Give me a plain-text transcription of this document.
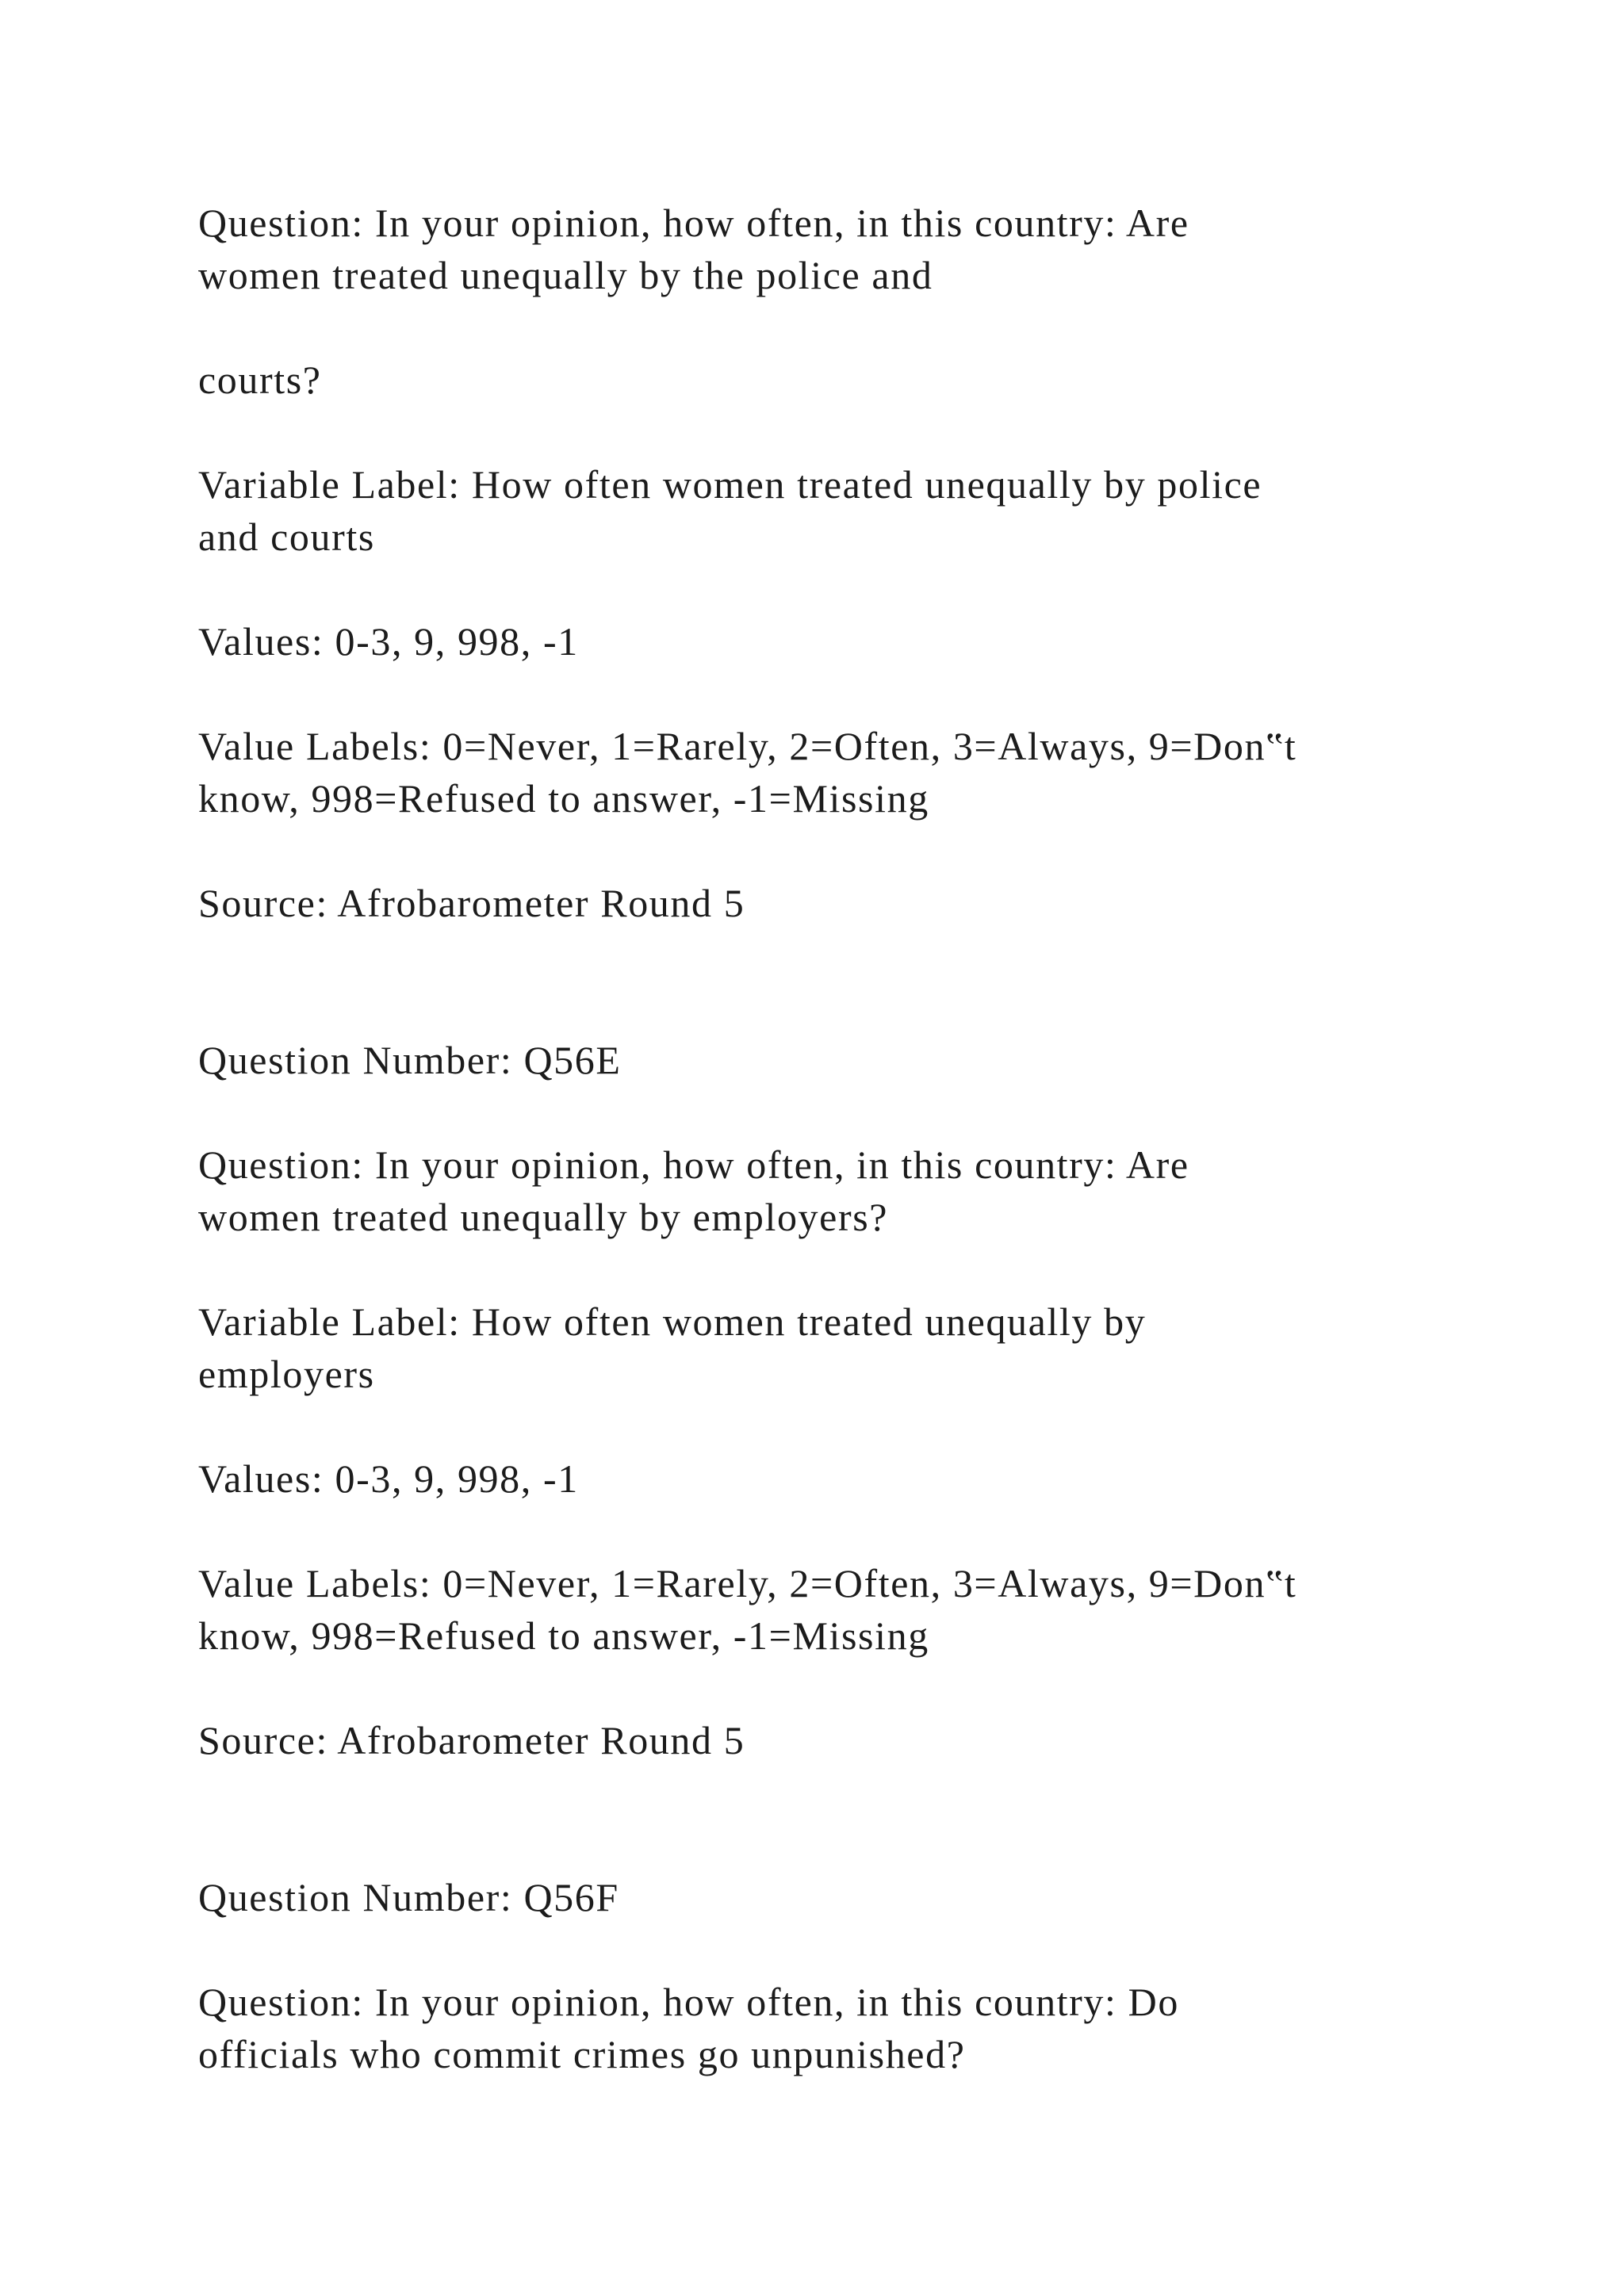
Question: In your opinion, how often, in this country: Are

women treated unequally by the police and

courts?

Variable Label: How often women treated unequally by police

and courts

Values: 0-3, 9, 998, -1

Value Labels: 0=Never, 1=Rarely, 2=Often, 3=Always, 9=Don‟t

know, 998=Refused to answer, -1=Missing

Source: Afrobarometer Round 5

Question Number: Q56E

Question: In your opinion, how often, in this country: Are

women treated unequally by employers?

Variable Label: How often women treated unequally by

employers

Values: 0-3, 9, 998, -1

Value Labels: 0=Never, 1=Rarely, 2=Often, 3=Always, 9=Don‟t

know, 998=Refused to answer, -1=Missing

Source: Afrobarometer Round 5

Question Number: Q56F

Question: In your opinion, how often, in this country: Do

officials who commit crimes go unpunished?
